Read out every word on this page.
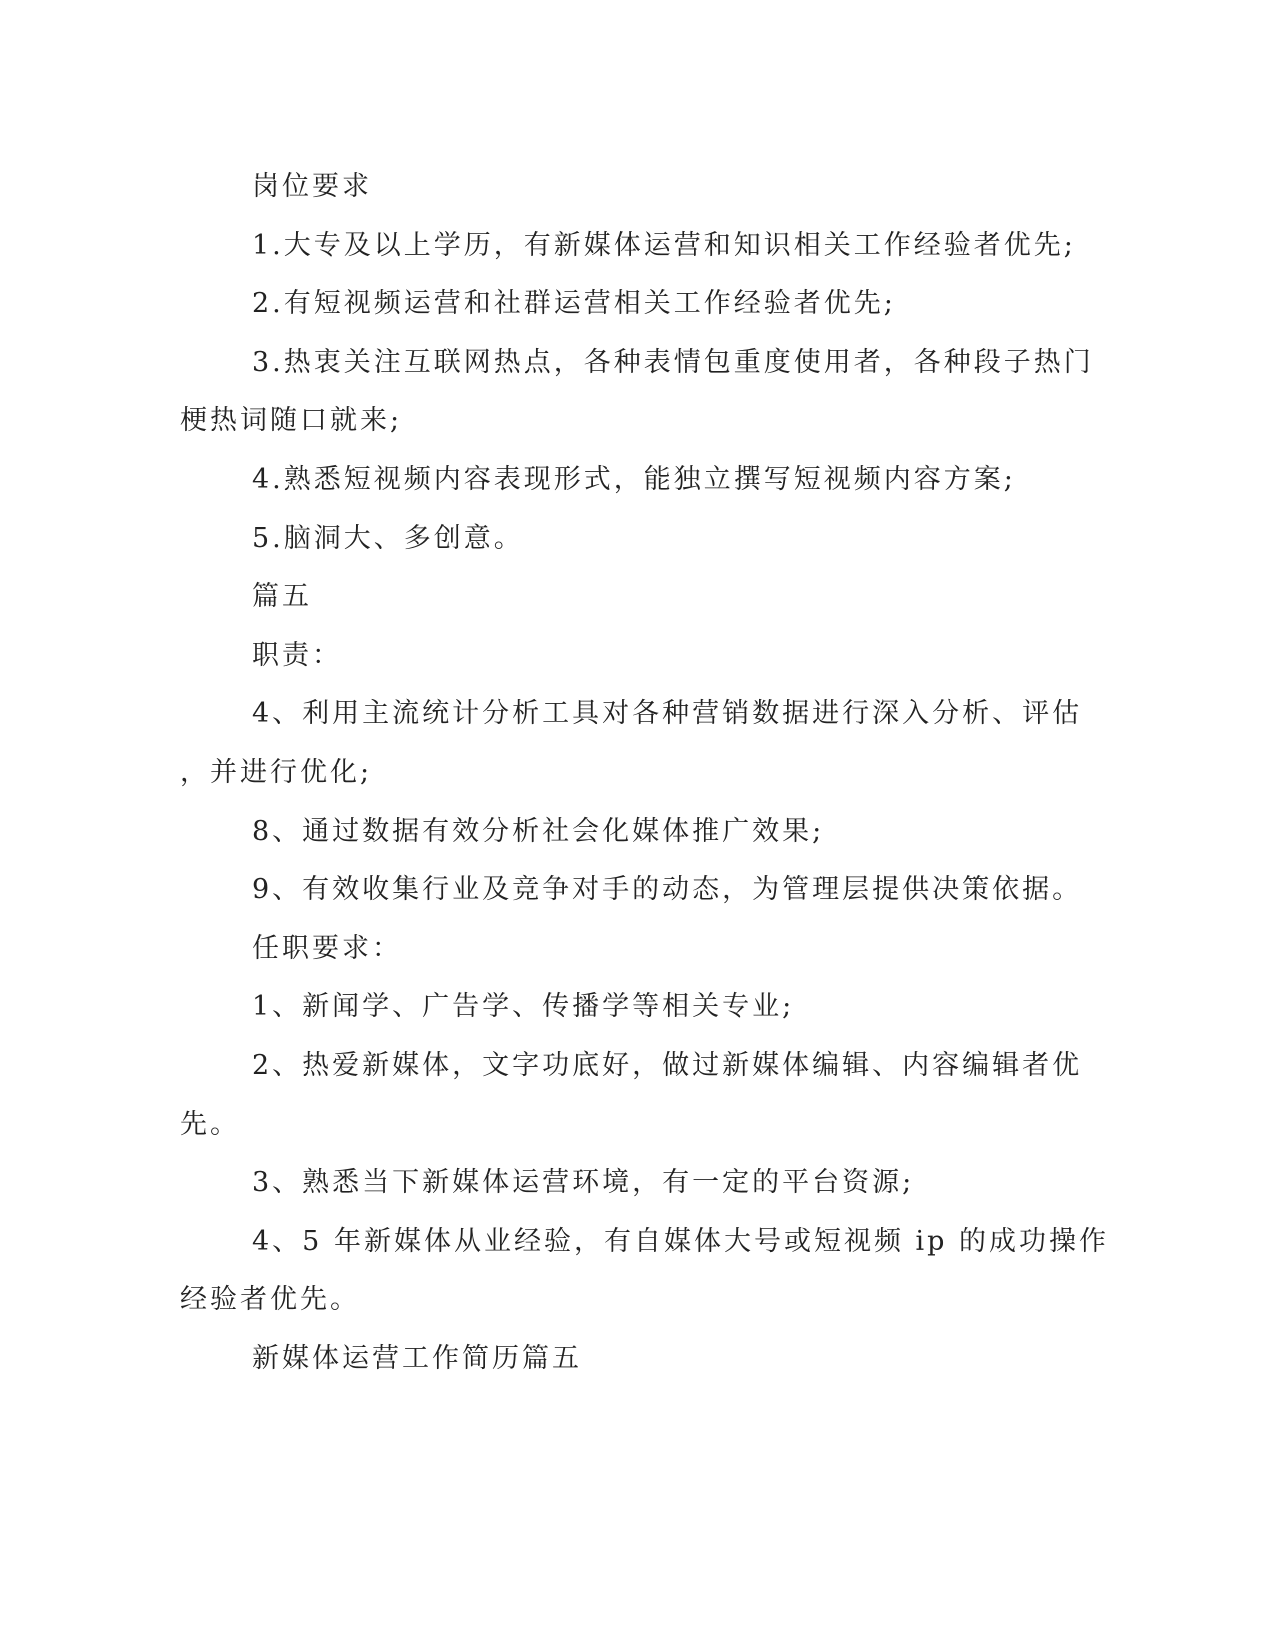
岗位要求

1.大专及以上学历，有新媒体运营和知识相关工作经验者优先;

2.有短视频运营和社群运营相关工作经验者优先;

3.热衷关注互联网热点，各种表情包重度使用者，各种段子热门

梗热词随口就来;

4.熟悉短视频内容表现形式，能独立撰写短视频内容方案;

5.脑洞大、多创意。

篇五

职责：

4、利用主流统计分析工具对各种营销数据进行深入分析、评估

，并进行优化;

8、通过数据有效分析社会化媒体推广效果;

9、有效收集行业及竞争对手的动态，为管理层提供决策依据。

任职要求：

1、新闻学、广告学、传播学等相关专业;

2、热爱新媒体，文字功底好，做过新媒体编辑、内容编辑者优

先。

3、熟悉当下新媒体运营环境，有一定的平台资源;

4、5 年新媒体从业经验，有自媒体大号或短视频 ip 的成功操作

经验者优先。

新媒体运营工作简历篇五
